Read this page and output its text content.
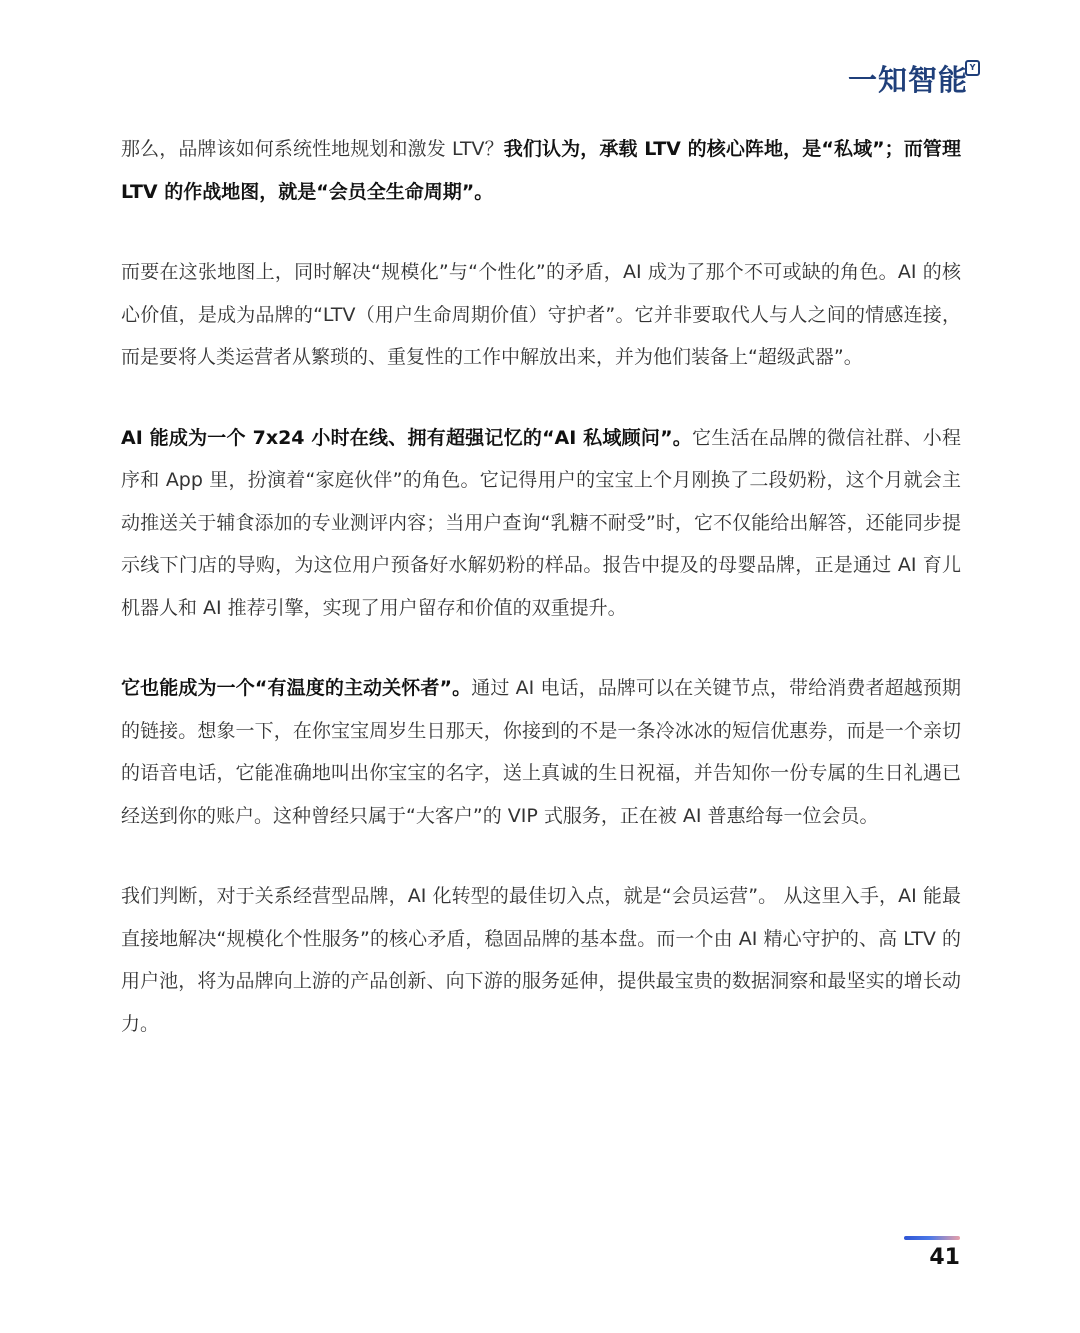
一知智能 Y

那么，品牌该如何系统性地规划和激发 LTV？我们认为，承载 LTV 的核心阵地，是“私域”；而管理 LTV 的作战地图，就是“会员全生命周期”。

而要在这张地图上，同时解决“规模化”与“个性化”的矛盾，AI 成为了那个不可或缺的角色。AI 的核心价值，是成为品牌的“LTV（用户生命周期价值）守护者”。它并非要取代人与人之间的情感连接，而是要将人类运营者从繁琐的、重复性的工作中解放出来，并为他们装备上“超级武器”。

AI 能成为一个 7x24 小时在线、拥有超强记忆的“AI 私域顾问”。它生活在品牌的微信社群、小程序和 App 里，扮演着“家庭伙伴”的角色。它记得用户的宝宝上个月刚换了二段奶粉，这个月就会主动推送关于辅食添加的专业测评内容；当用户查询“乳糖不耐受”时，它不仅能给出解答，还能同步提示线下门店的导购，为这位用户预备好水解奶粉的样品。报告中提及的母婴品牌，正是通过 AI 育儿机器人和 AI 推荐引擎，实现了用户留存和价值的双重提升。

它也能成为一个“有温度的主动关怀者”。通过 AI 电话，品牌可以在关键节点，带给消费者超越预期的链接。想象一下，在你宝宝周岁生日那天，你接到的不是一条冷冰冰的短信优惠券，而是一个亲切的语音电话，它能准确地叫出你宝宝的名字，送上真诚的生日祝福，并告知你一份专属的生日礼遇已经送到你的账户。这种曾经只属于“大客户”的 VIP 式服务，正在被 AI 普惠给每一位会员。

我们判断，对于关系经营型品牌，AI 化转型的最佳切入点，就是“会员运营”。 从这里入手，AI 能最直接地解决“规模化个性服务”的核心矛盾，稳固品牌的基本盘。而一个由 AI 精心守护的、高 LTV 的用户池，将为品牌向上游的产品创新、向下游的服务延伸，提供最宝贵的数据洞察和最坚实的增长动力。

41
